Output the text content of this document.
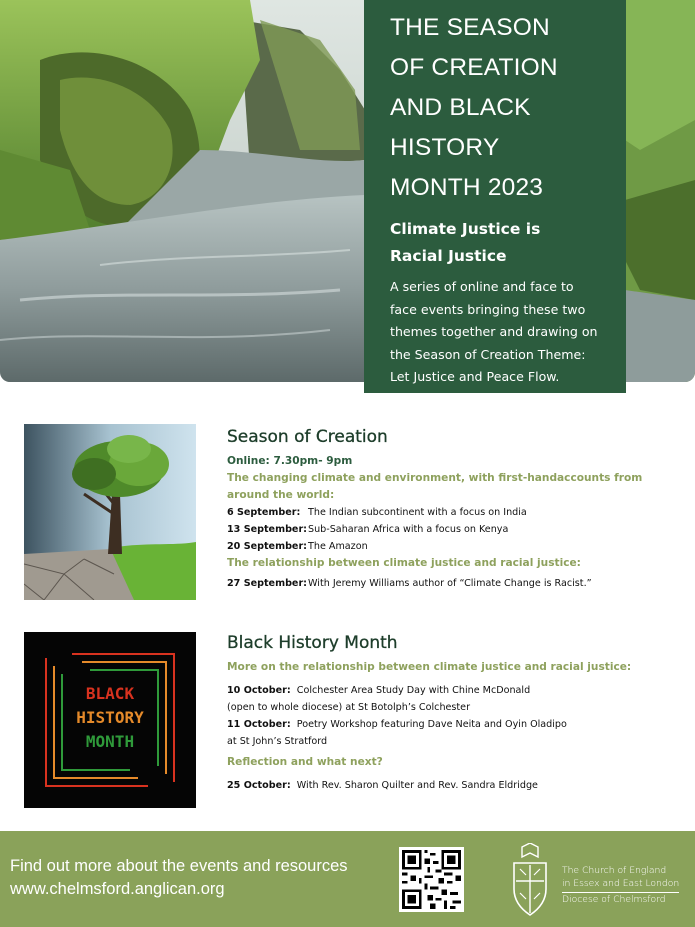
THE SEASON
OF CREATION
AND BLACK
HISTORY
MONTH 2023
Climate Justice is
Racial Justice
A series of online and face to
face events bringing these two
themes together and drawing on
the Season of Creation Theme:
Let Justice and Peace Flow.
Season of Creation
Online: 7.30pm- 9pm
The changing climate and environment, with first-handaccounts from
around the world:
6 September: The Indian subcontinent with a focus on India
13 September:Sub-Saharan Africa with a focus on Kenya
20 September:The Amazon
The relationship between climate justice and racial justice:
27 September:With Jeremy Williams author of “Climate Change is Racist.”
BLACK
HISTORY
MONTH
Black History Month
More on the relationship between climate justice and racial justice:
10 October: Colchester Area Study Day with Chine McDonald
(open to whole diocese) at St Botolph’s Colchester
11 October: Poetry Workshop featuring Dave Neita and Oyin Oladipo
at St John’s Stratford
Reflection and what next?
25 October: With Rev. Sharon Quilter and Rev. Sandra Eldridge
Find out more about the events and resources
www.chelmsford.anglican.org
The Church of England
in Essex and East London
Diocese of Chelmsford
